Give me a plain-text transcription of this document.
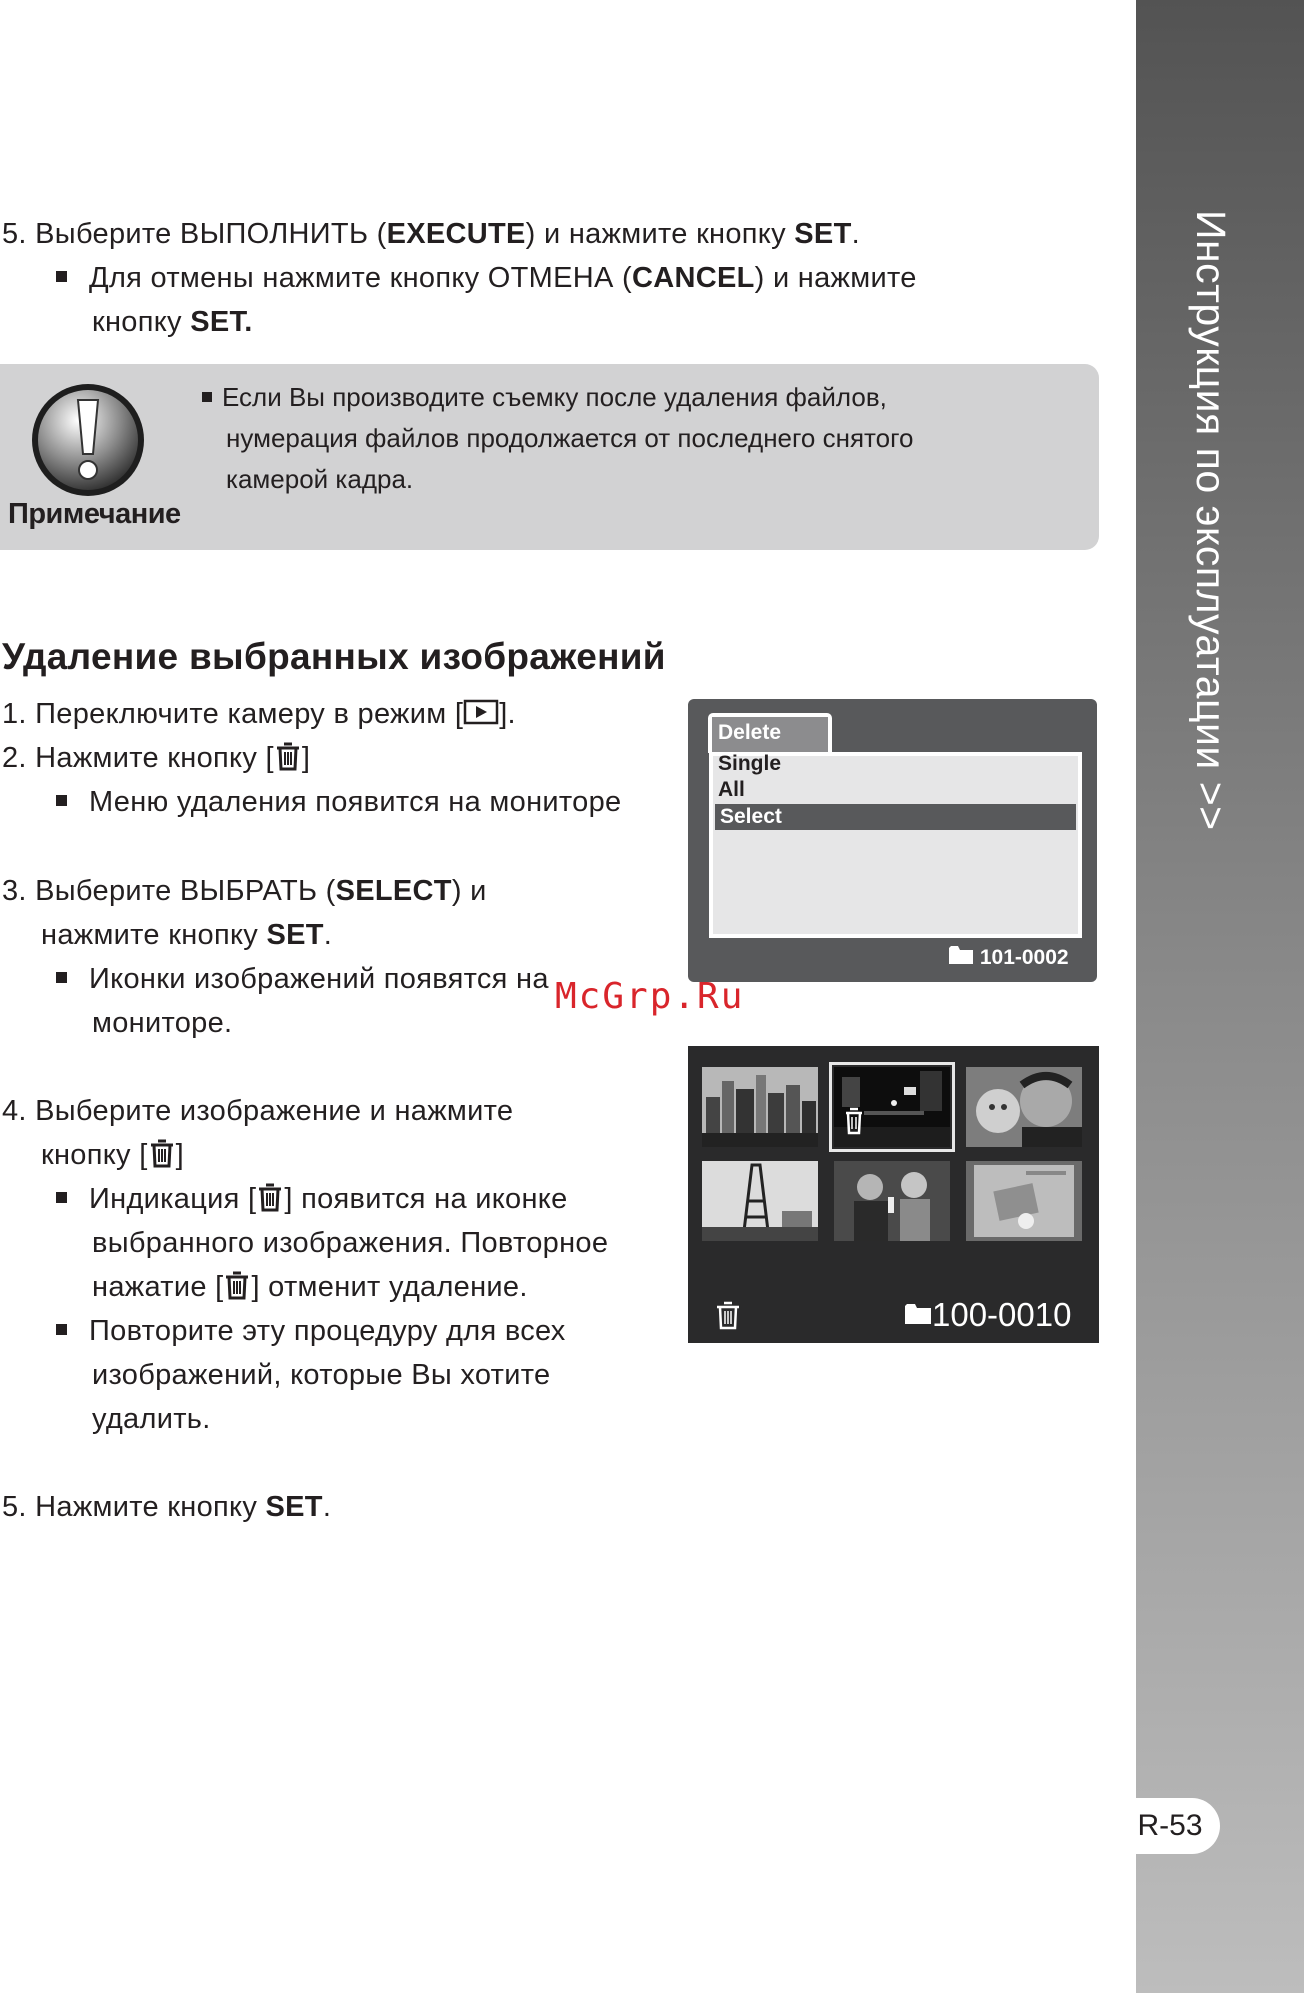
Инструкция по эксплуатации >>
R-53
5. Выберите ВЫПОЛНИТЬ (EXECUTE) и нажмите кнопку SET.
Для отмены нажмите кнопку ОТМЕНА (CANCEL) и нажмите
кнопку SET.
Примечание
Если Вы производите съемку после удаления файлов,
нумерация файлов продолжается от последнего снятого
камерой кадра.
Удаление выбранных изображений
1. Переключите камеру в режим [ ].
2. Нажмите кнопку [ ]
Меню удаления появится на мониторе
3. Выберите ВЫБРАТЬ (SELECT) и
нажмите кнопку SET.
Иконки изображений появятся на
мониторе.
4. Выберите изображение и нажмите
кнопку [ ]
Индикация [ ] появится на иконке
выбранного изображения. Повторное
нажатие [ ] отменит удаление.
Повторите эту процедуру для всех
изображений, которые Вы хотите
удалить.
5. Нажмите кнопку SET.
Delete
Single
All
Select
101-0002
100-0010
McGrp.Ru
